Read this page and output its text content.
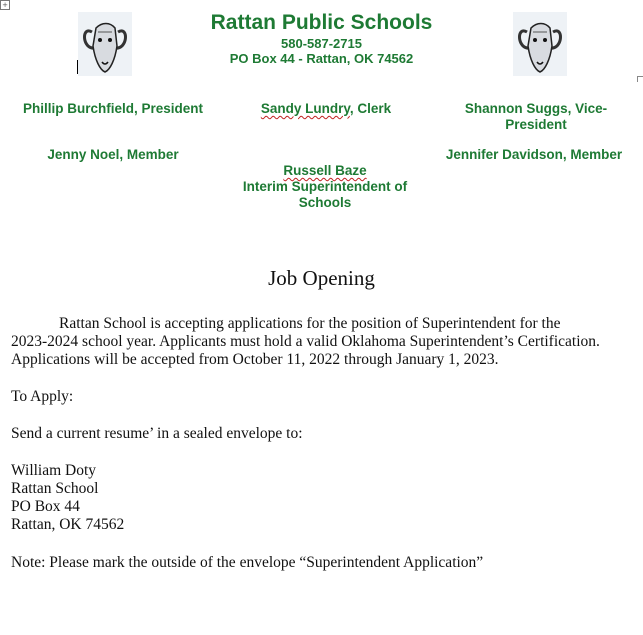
+
Rattan Public Schools
580-587-2715
PO Box 44 - Rattan, OK 74562
Phillip Burchfield, President	Sandy Lundry, Clerk	Shannon Suggs, Vice-President
Jenny Noel, Member	Jennifer Davidson, Member
Russell Baze
Interim Superintendent of Schools
Job Opening
Rattan School is accepting applications for the position of Superintendent for the
2023-2024 school year. Applicants must hold a valid Oklahoma Superintendent’s Certification.
Applications will be accepted from October 11, 2022 through January 1, 2023.
To Apply:
Send a current resume’ in a sealed envelope to:
William Doty
Rattan School
PO Box 44
Rattan, OK 74562
Note: Please mark the outside of the envelope “Superintendent Application”
